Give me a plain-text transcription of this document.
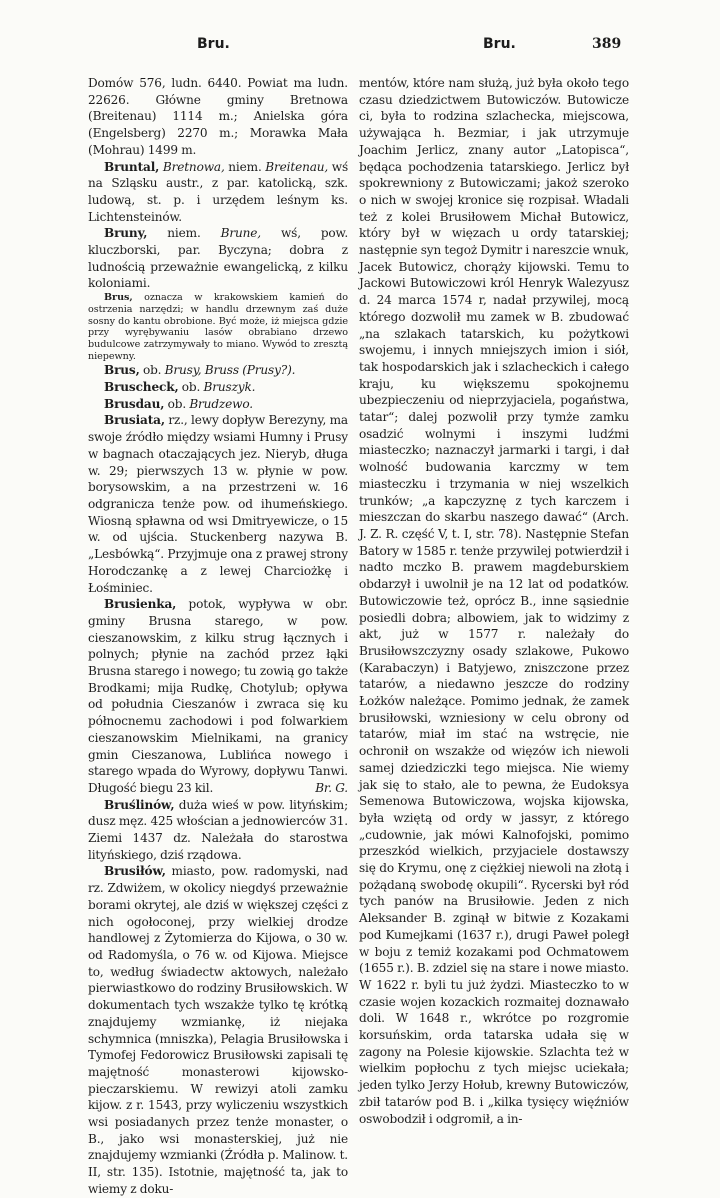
Bru.	Bru.	389

Domów 576, ludn. 6440. Powiat ma ludn. 22626. Główne gminy Bretnowa (Breitenau) 1114 m.; Anielska góra (Engelsberg) 2270 m.; Morawka Mała (Mohrau) 1499 m.

Bruntal, Bretnowa, niem. Breitenau, wś na Szląsku austr., z par. katolicką, szk. ludową, st. p. i urzędem leśnym ks. Lichtensteinów.

Bruny, niem. Brune, wś, pow. kluczborski, par. Byczyna; dobra z ludnością przeważnie ewangelicką, z kilku koloniami.

Brus, oznacza w krakowskiem kamień do ostrzenia narzędzi; w handlu drzewnym zaś duże sosny do kantu obrobione. Być może, iż miejsca gdzie przy wyrębywaniu lasów obrabiano drzewo budulcowe zatrzymywały to miano. Wywód to zresztą niepewny.

Brus, ob. Brusy, Bruss (Prusy?).

Bruscheck, ob. Bruszyk.

Brusdau, ob. Brudzewo.

Brusiata, rz., lewy dopływ Berezyny, ma swoje źródło między wsiami Humny i Prusy w bagnach otaczających jez. Nieryb, długa w. 29; pierwszych 13 w. płynie w pow. borysowskim, a na przestrzeni w. 16 odgranicza tenże pow. od ihumeńskiego. Wiosną spławna od wsi Dmitryewicze, o 15 w. od ujścia. Stuckenberg nazywa B. „Lesbówką“. Przyjmuje ona z prawej strony Horodczankę a z lewej Charciożkę i Łośminiec.

Brusienka, potok, wypływa w obr. gminy Brusna starego, w pow. cieszanowskim, z kilku strug łącznych i polnych; płynie na zachód przez łąki Brusna starego i nowego; tu zowią go także Brodkami; mija Rudkę, Chotylub; opływa od południa Cieszanów i zwraca się ku północnemu zachodowi i pod folwarkiem cieszanowskim Mielnikami, na granicy gmin Cieszanowa, Lublińca nowego i starego wpada do Wyrowy, dopływu Tanwi. Długość biegu 23 kil.	Br. G.

Bruślinów, duża wieś w pow. lityńskim; dusz męz. 425 włościan a jednowierców 31. Ziemi 1437 dz. Należała do starostwa lityńskiego, dziś rządowa.

Brusiłów, miasto, pow. radomyski, nad rz. Zdwiżem, w okolicy niegdyś przeważnie borami okrytej, ale dziś w większej części z nich ogołoconej, przy wielkiej drodze handlowej z Żytomierza do Kijowa, o 30 w. od Radomyśla, o 76 w. od Kijowa. Miejsce to, według świadectw aktowych, należało pierwiastkowo do rodziny Brusiłowskich. W dokumentach tych wszakże tylko tę krótką znajdujemy wzmiankę, iż niejaka schymnica (mniszka), Pelagia Brusiłowska i Tymofej Fedorowicz Brusiłowski zapisali tę majętność monasterowi kijowsko-pieczarskiemu. W rewizyi atoli zamku kijow. z r. 1543, przy wyliczeniu wszystkich wsi posiadanych przez tenże monaster, o B., jako wsi monasterskiej, już nie znajdujemy wzmianki (Źródła p. Malinow. t. II, str. 135). Istotnie, majętność ta, jak to wiemy z doku-

mentów, które nam służą, już była około tego czasu dziedzictwem Butowiczów. Butowicze ci, była to rodzina szlachecka, miejscowa, używająca h. Bezmiar, i jak utrzymuje Joachim Jerlicz, znany autor „Latopisca“, będąca pochodzenia tatarskiego. Jerlicz był spokrewniony z Butowiczami; jakoż szeroko o nich w swojej kronice się rozpisał. Władali też z kolei Brusiłowem Michał Butowicz, który był w więzach u ordy tatarskiej; następnie syn tegoż Dymitr i nareszcie wnuk, Jacek Butowicz, chorąży kijowski. Temu to Jackowi Butowiczowi król Henryk Walezyusz d. 24 marca 1574 r, nadał przywilej, mocą którego dozwolił mu zamek w B. zbudować „na szlakach tatarskich, ku pożytkowi swojemu, i innych mniejszych imion i siół, tak hospodarskich jak i szlacheckich i całego kraju, ku większemu spokojnemu ubezpieczeniu od nieprzyjaciela, pogaństwa, tatar“; dalej pozwolił przy tymże zamku osadzić wolnymi i inszymi ludźmi miasteczko; naznaczył jarmarki i targi, i dał wolność budowania karczmy w tem miasteczku i trzymania w niej wszelkich trunków; „a kapczyznę z tych karczem i mieszczan do skarbu naszego dawać“ (Arch. J. Z. R. część V, t. I, str. 78). Następnie Stefan Batory w 1585 r. tenże przywilej potwierdził i nadto mczko B. prawem magdeburskiem obdarzył i uwolnił je na 12 lat od podatków. Butowiczowie też, oprócz B., inne sąsiednie posiedli dobra; albowiem, jak to widzimy z akt, już w 1577 r. należały do Brusiłowszczyzny osady szlakowe, Pukowo (Karabaczyn) i Batyjewo, zniszczone przez tatarów, a niedawno jeszcze do rodziny Łożków należące. Pomimo jednak, że zamek brusiłowski, wzniesiony w celu obrony od tatarów, miał im stać na wstręcie, nie ochronił on wszakże od więzów ich niewoli samej dziedziczki tego miejsca. Nie wiemy jak się to stało, ale to pewna, że Eudoksya Semenowa Butowiczowa, wojska kijowska, była wziętą od ordy w jassyr, z którego „cudownie, jak mówi Kalnofojski, pomimo przeszkód wielkich, przyjaciele dostawszy się do Krymu, onę z ciężkiej niewoli na złotą i pożądaną swobodę okupili“. Rycerski był ród tych panów na Brusiłowie. Jeden z nich Aleksander B. zginął w bitwie z Kozakami pod Kumejkami (1637 r.), drugi Paweł poległ w boju z temiż kozakami pod Ochmatowem (1655 r.). B. zdziel się na stare i nowe miasto. W 1622 r. byli tu już żydzi. Miasteczko to w czasie wojen kozackich rozmaitej doznawało doli. W 1648 r., wkrótce po rozgromie korsuńskim, orda tatarska udała się w zagony na Polesie kijowskie. Szlachta też w wielkim popłochu z tych miejsc uciekała; jeden tylko Jerzy Hołub, krewny Butowiczów, zbił tatarów pod B. i „kilka tysięcy więźniów oswobodził i odgromił, a in-
